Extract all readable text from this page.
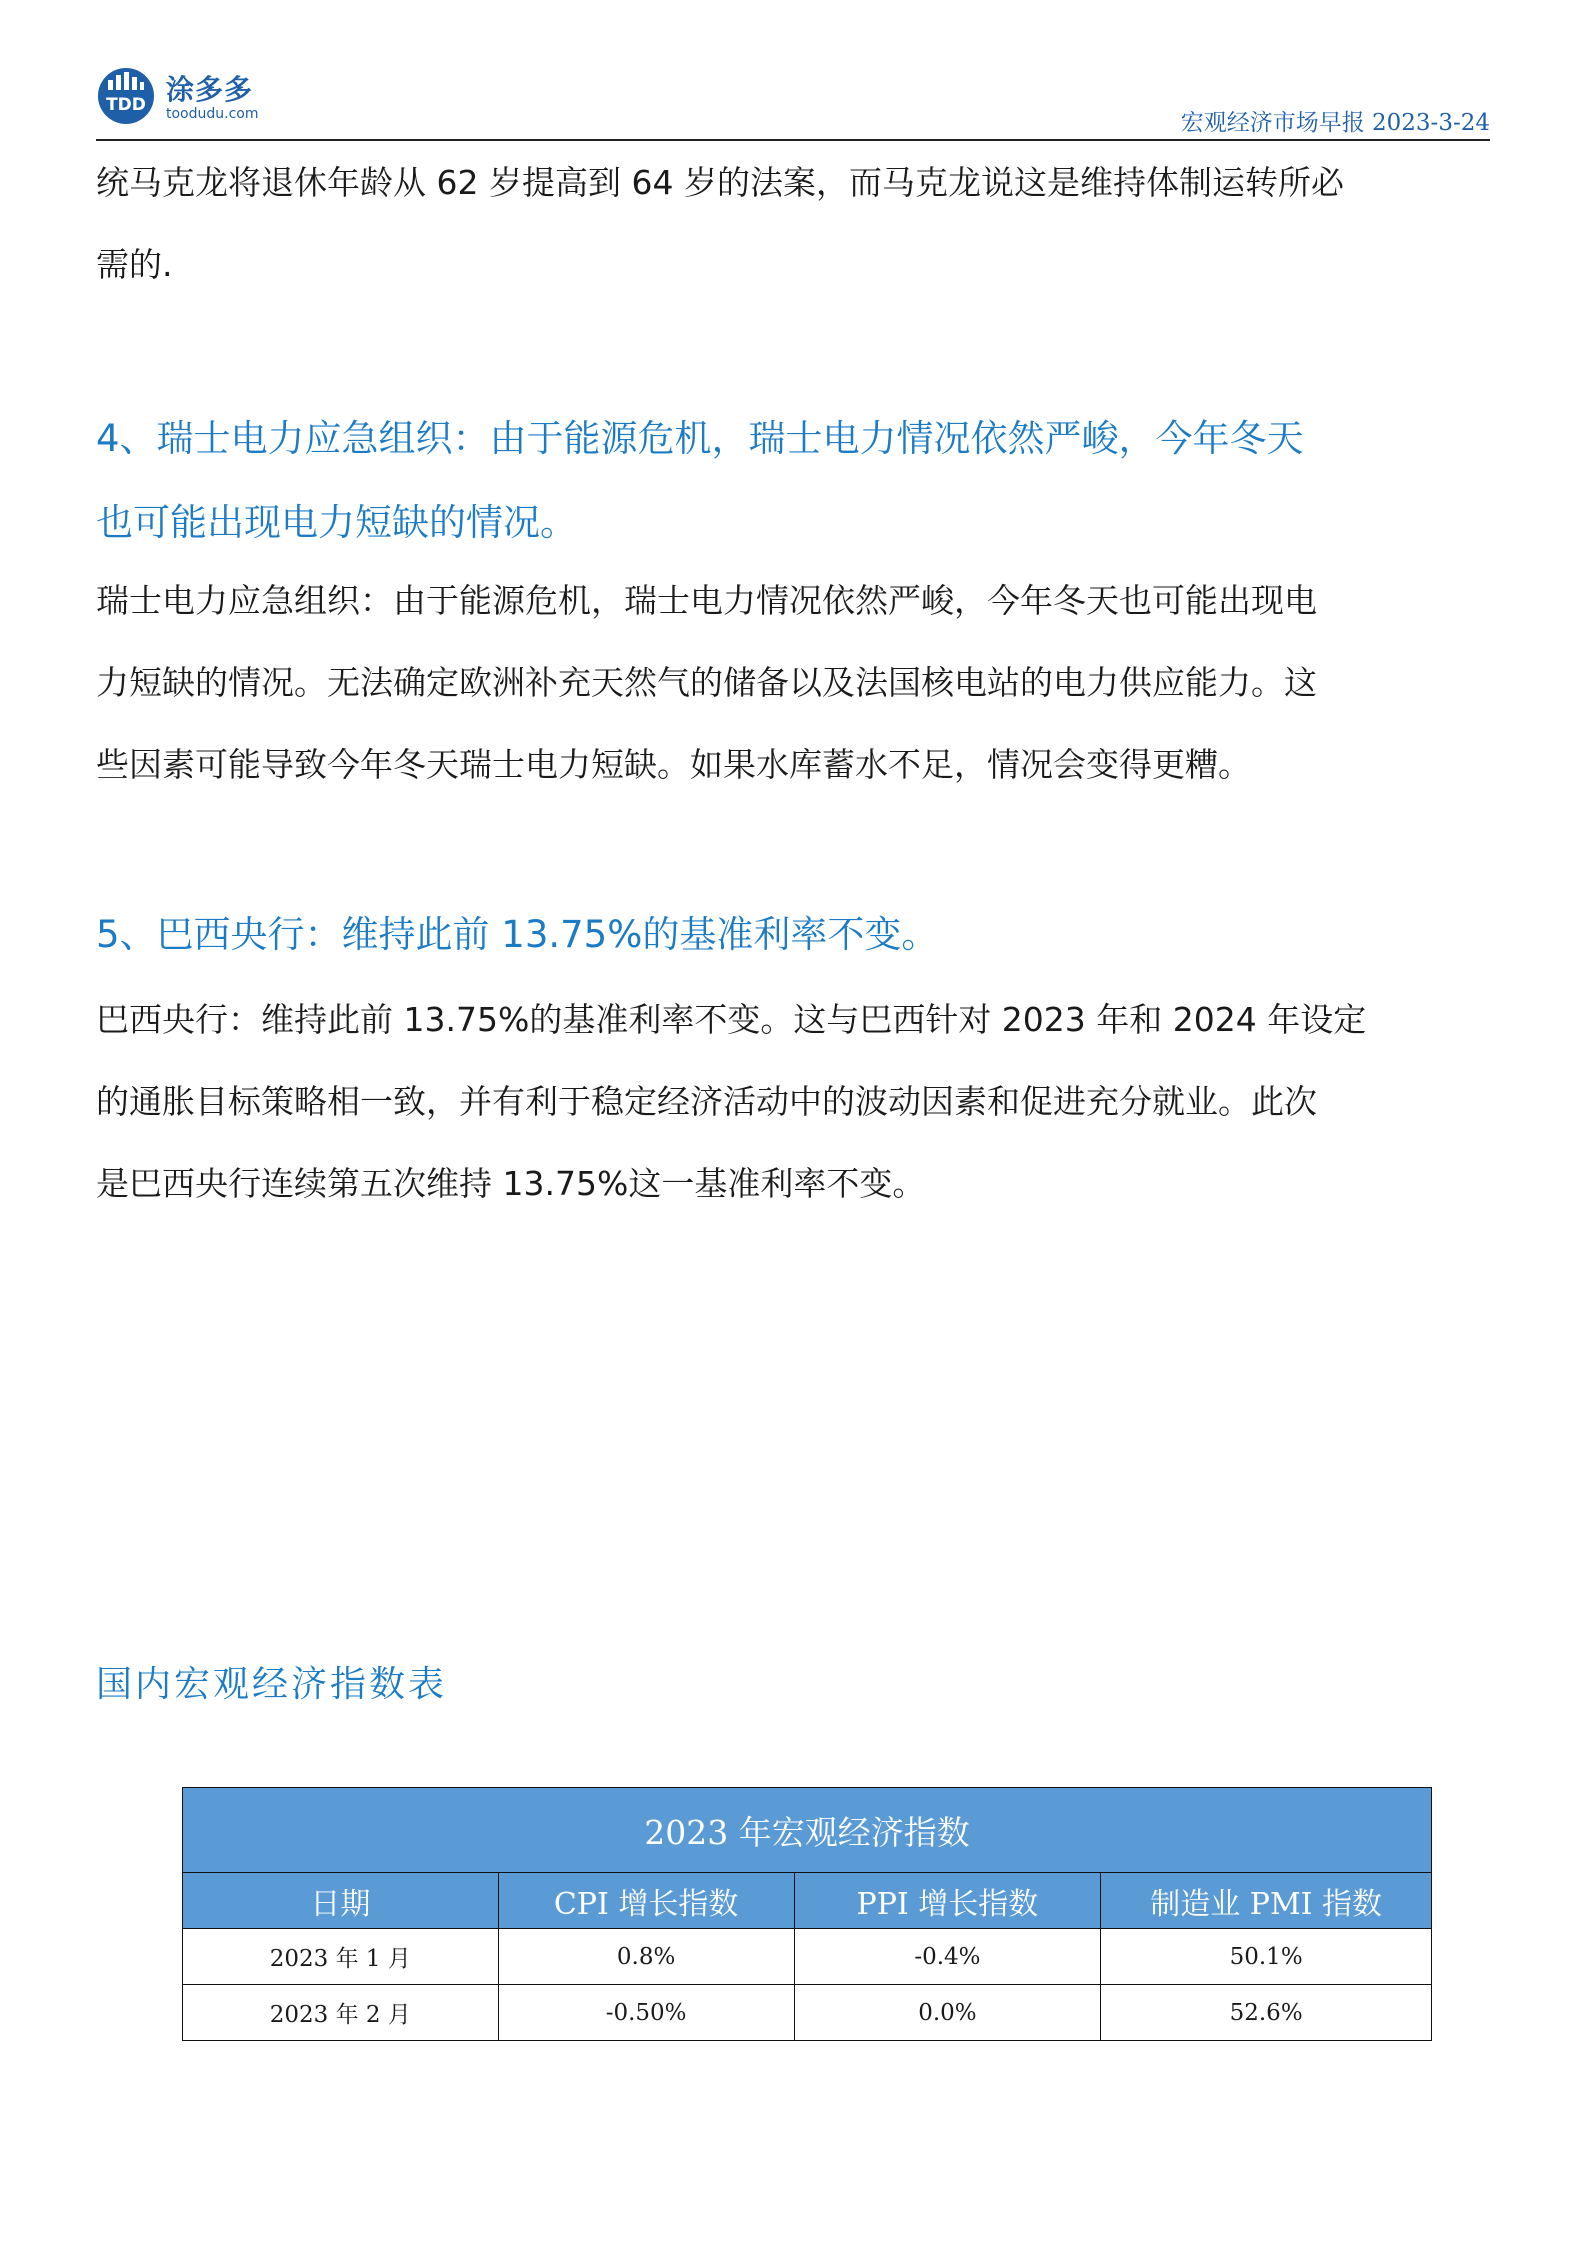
TDD 涂多多
toodudu.com	宏观经济市场早报 2023-3-24
统马克龙将退休年龄从 62 岁提高到 64 岁的法案，而马克龙说这是维持体制运转所必
需的.
4、瑞士电力应急组织：由于能源危机，瑞士电力情况依然严峻，今年冬天
也可能出现电力短缺的情况。
瑞士电力应急组织：由于能源危机，瑞士电力情况依然严峻，今年冬天也可能出现电
力短缺的情况。无法确定欧洲补充天然气的储备以及法国核电站的电力供应能力。这
些因素可能导致今年冬天瑞士电力短缺。如果水库蓄水不足，情况会变得更糟。
5、巴西央行：维持此前 13.75%的基准利率不变。
巴西央行：维持此前 13.75%的基准利率不变。这与巴西针对 2023 年和 2024 年设定
的通胀目标策略相一致，并有利于稳定经济活动中的波动因素和促进充分就业。此次
是巴西央行连续第五次维持 13.75%这一基准利率不变。
国内宏观经济指数表
2023 年宏观经济指数			
日期	CPI 增长指数	PPI 增长指数	制造业 PMI 指数
2023 年 1 月	0.8%	-0.4%	50.1%
2023 年 2 月	-0.50%	0.0%	52.6%
